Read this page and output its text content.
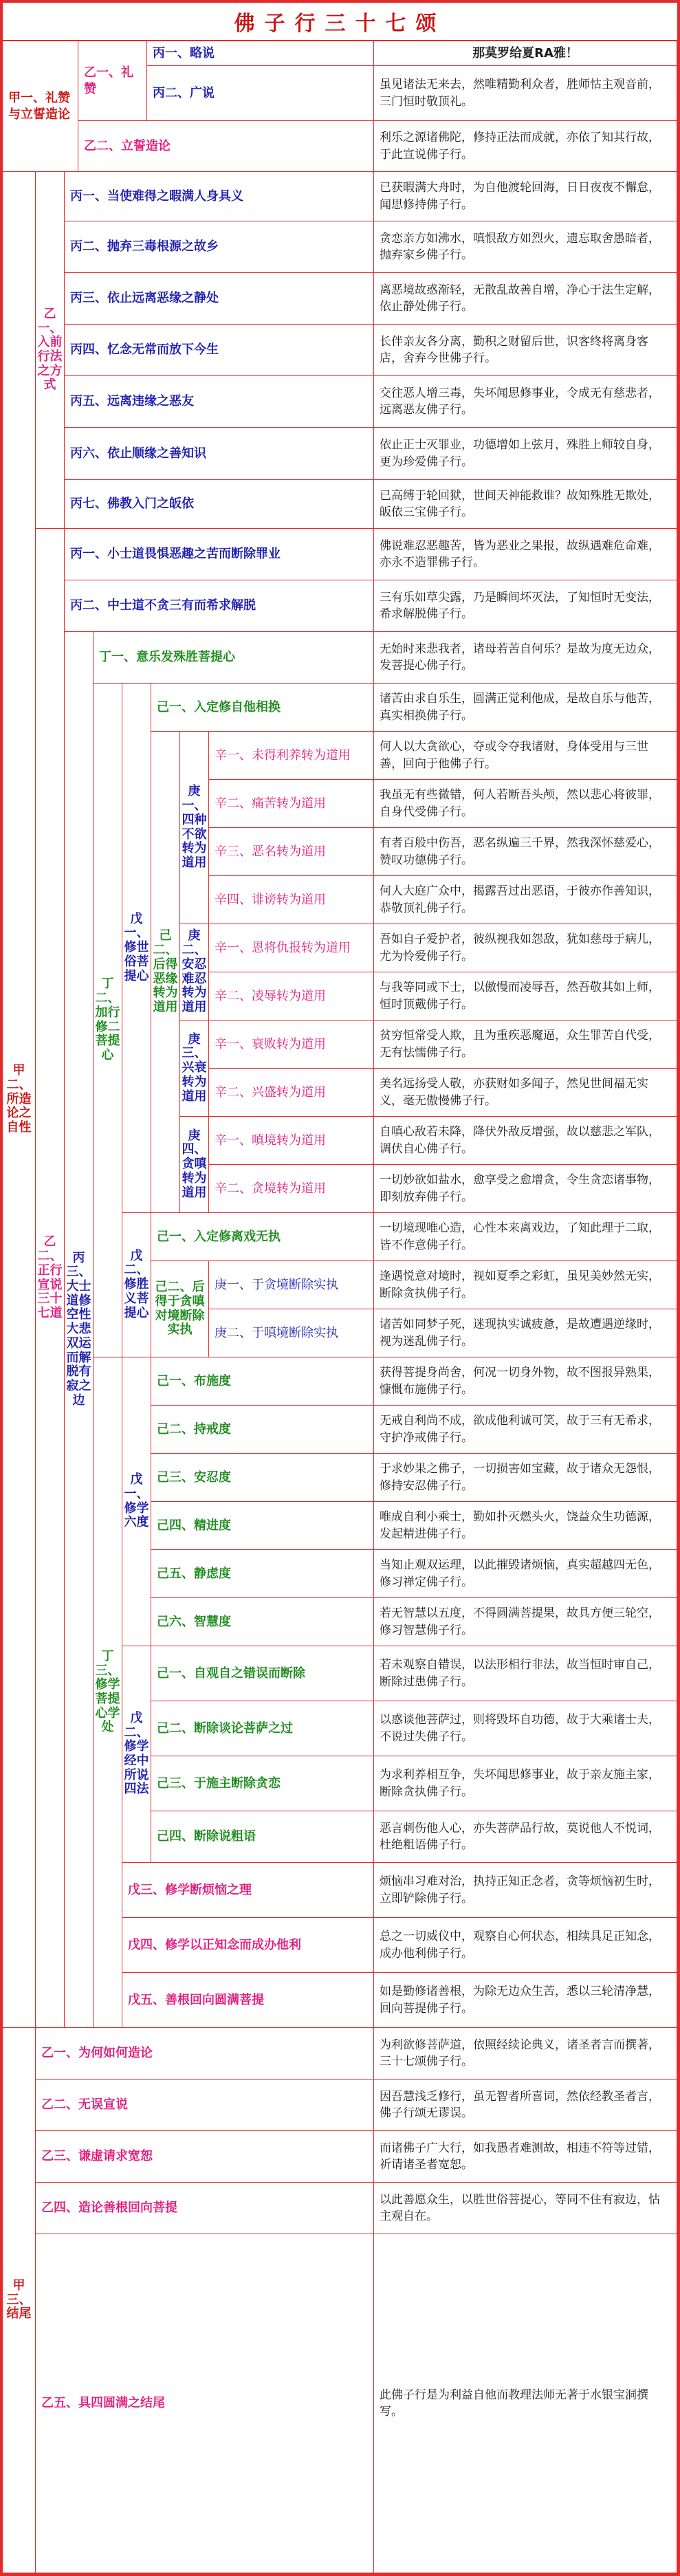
佛子行三十七颂
甲一、礼赞与立誓造论
乙一、礼赞
丙一、略说	那莫罗给夏RA雅！
丙二、广说
虽见诸法无来去，然唯精勤利众者，胜师怙主观音前，三门恒时敬顶礼。
乙二、立誓造论
利乐之源诸佛陀，修持正法而成就，亦依了知其行故，于此宣说佛子行。
甲二、所造论之自性
乙一、入前行法之方式
丙一、当使难得之暇满人身具义
已获暇满大舟时，为自他渡轮回海，日日夜夜不懈怠，闻思修持佛子行。
丙二、抛弃三毒根源之故乡
贪恋亲方如沸水，嗔恨敌方如烈火，遗忘取舍愚暗者，抛弃家乡佛子行。
丙三、依止远离恶缘之静处
离恶境故惑渐轻，无散乱故善自增，净心于法生定解，依止静处佛子行。
丙四、忆念无常而放下今生
长伴亲友各分离，勤积之财留后世，识客终将离身客店，舍弃今世佛子行。
丙五、远离违缘之恶友
交往恶人增三毒，失坏闻思修事业，令成无有慈悲者，远离恶友佛子行。
丙六、依止顺缘之善知识
依止正士灭罪业，功德增如上弦月，殊胜上师较自身，更为珍爱佛子行。
丙七、佛教入门之皈依
已高缚于轮回狱，世间天神能救谁？故知殊胜无欺处，皈依三宝佛子行。
乙二、正行宣说三十七道
丙一、小士道畏惧恶趣之苦而断除罪业
佛说难忍恶趣苦，皆为恶业之果报，故纵遇难危命难，亦永不造罪佛子行。
丙二、中士道不贪三有而希求解脱
三有乐如草尖露，乃是瞬间坏灭法，了知恒时无变法，希求解脱佛子行。
丙三、大士道修空性大悲双运而解脱有寂之边
丁一、意乐发殊胜菩提心
无始时来悲我者，诸母若苦自何乐？是故为度无边众，发菩提心佛子行。
丁二、加行修二菩提心
戊一、修世俗菩提心
己一、入定修自他相换
诸苦由求自乐生，圆满正觉利他成，是故自乐与他苦，真实相换佛子行。
己二、后得恶缘转为道用
庚一、四种不欲转为道用
辛一、未得利养转为道用
何人以大贪欲心，夺或令夺我诸财，身体受用与三世善，回向于他佛子行。
辛二、痛苦转为道用
我虽无有些微错，何人若断吾头颅，然以悲心将彼罪，自身代受佛子行。
辛三、恶名转为道用
有者百般中伤吾，恶名纵遍三千界，然我深怀慈爱心，赞叹功德佛子行。
辛四、诽谤转为道用
何人大庭广众中，揭露吾过出恶语，于彼亦作善知识，恭敬顶礼佛子行。
庚二、安忍难忍转为道用
辛一、恩将仇报转为道用
吾如自子爱护者，彼纵视我如怨敌，犹如慈母于病儿，尤为怜爱佛子行。
辛二、凌辱转为道用
与我等同或下士，以傲慢而凌辱吾，然吾敬其如上师，恒时顶戴佛子行。
庚三、兴衰转为道用
辛一、衰败转为道用
贫穷恒常受人欺，且为重疾恶魔逼，众生罪苦自代受，无有怯懦佛子行。
辛二、兴盛转为道用
美名远扬受人敬，亦获财如多闻子，然见世间福无实义，毫无傲慢佛子行。
庚四、贪嗔转为道用
辛一、嗔境转为道用
自嗔心敌若未降，降伏外敌反增强，故以慈悲之军队，调伏自心佛子行。
辛二、贪境转为道用
一切妙欲如盐水，愈享受之愈增贪，令生贪恋诸事物，即刻放弃佛子行。
戊二、修胜义菩提心
己一、入定修离戏无执
一切境现唯心造，心性本来离戏边，了知此理于二取，皆不作意佛子行。
己二、后得于贪嗔对境断除实执
庚一、于贪境断除实执
逢遇悦意对境时，视如夏季之彩虹，虽见美妙然无实，断除贪执佛子行。
庚二、于嗔境断除实执
诸苦如同梦子死，迷现执实诚疲惫，是故遭遇逆缘时，视为迷乱佛子行。
丁三、修学菩提心学处
戊一、修学六度
己一、布施度
获得菩提身尚舍，何况一切身外物，故不图报异熟果，慷慨布施佛子行。
己二、持戒度
无戒自利尚不成，欲成他利诚可笑，故于三有无希求，守护净戒佛子行。
己三、安忍度
于求妙果之佛子，一切损害如宝藏，故于诸众无怨恨，修持安忍佛子行。
己四、精进度
唯成自利小乘士，勤如扑灭燃头火，饶益众生功德源，发起精进佛子行。
己五、静虑度
当知止观双运理，以此摧毁诸烦恼，真实超越四无色，修习禅定佛子行。
己六、智慧度
若无智慧以五度，不得圆满菩提果，故具方便三轮空，修习智慧佛子行。
戊二、修学经中所说四法
己一、自观自之错误而断除
若未观察自错误，以法形相行非法，故当恒时审自己，断除过患佛子行。
己二、断除谈论菩萨之过
以惑谈他菩萨过，则将毁坏自功德，故于大乘诸士夫，不说过失佛子行。
己三、于施主断除贪恋
为求利养相互争，失坏闻思修事业，故于亲友施主家，断除贪执佛子行。
己四、断除说粗语
恶言刺伤他人心，亦失菩萨品行故，莫说他人不悦词，杜绝粗语佛子行。
戊三、修学断烦恼之理
烦恼串习难对治，执持正知正念者，贪等烦恼初生时，立即铲除佛子行。
戊四、修学以正知念而成办他利
总之一切威仪中，观察自心何状态，相续具足正知念，成办他利佛子行。
戊五、善根回向圆满菩提
如是勤修诸善根，为除无边众生苦，悉以三轮清净慧，回向菩提佛子行。
甲三、结尾
乙一、为何如何造论
为利欲修菩萨道，依照经续论典义，诸圣者言而撰著，三十七颂佛子行。
乙二、无误宣说
因吾慧浅乏修行，虽无智者所喜词，然依经教圣者言，佛子行颂无谬误。
乙三、谦虚请求宽恕
而诸佛子广大行，如我愚者难测故，相违不符等过错，祈请诸圣者宽恕。
乙四、造论善根回向菩提
以此善愿众生，以胜世俗菩提心，等同不住有寂边，怙主观自在。
乙五、具四圆满之结尾
此佛子行是为利益自他而教理法师无著于水银宝洞撰写。
